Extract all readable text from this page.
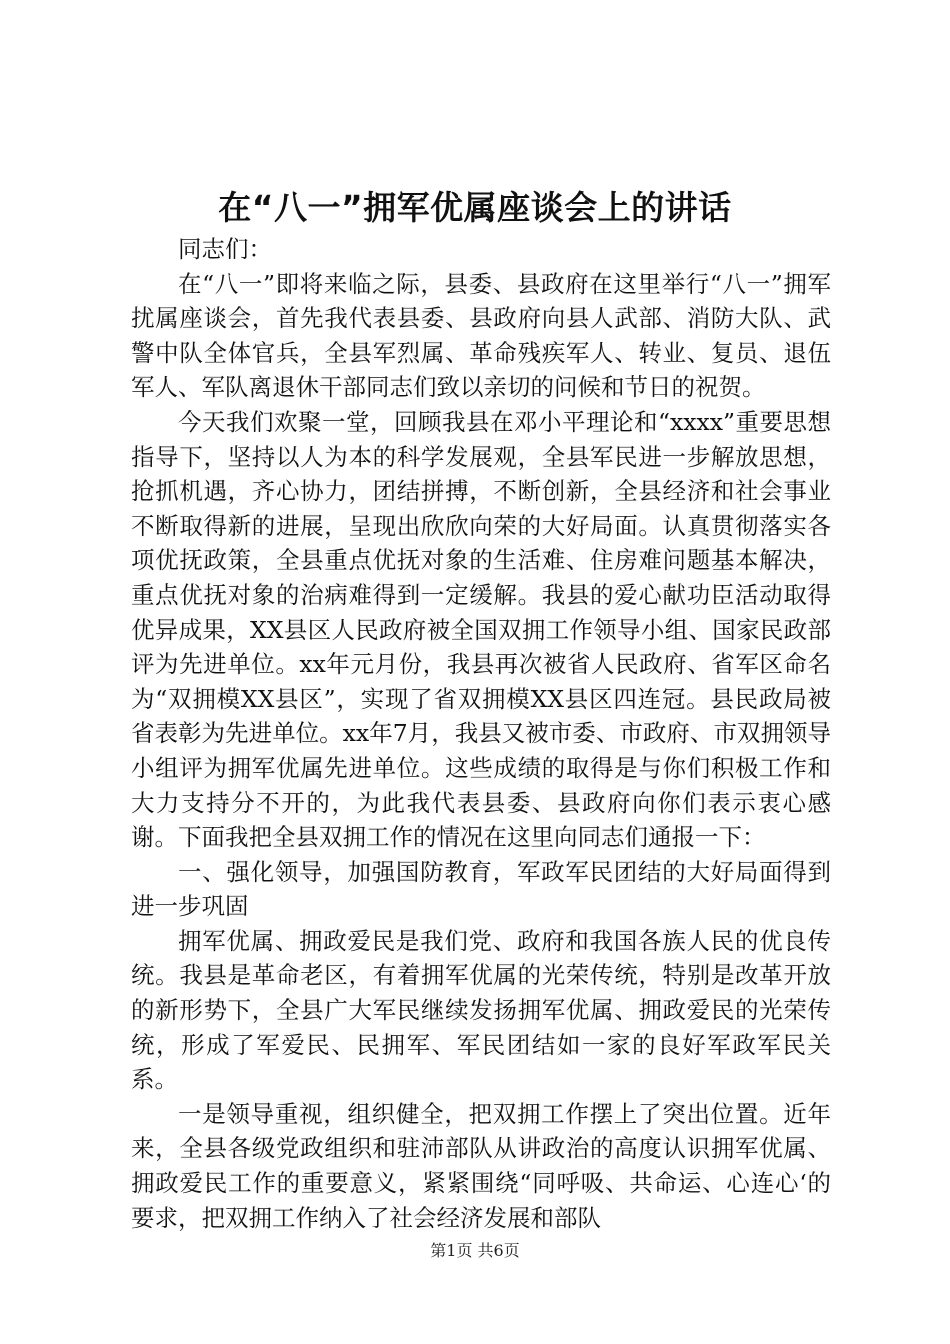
在“八一”拥军优属座谈会上的讲话

同志们：

在“八一”即将来临之际，县委、县政府在这里举行“八一”拥军扰属座谈会，首先我代表县委、县政府向县人武部、消防大队、武警中队全体官兵，全县军烈属、革命残疾军人、转业、复员、退伍军人、军队离退休干部同志们致以亲切的问候和节日的祝贺。

今天我们欢聚一堂，回顾我县在邓小平理论和“xxxx”重要思想指导下，坚持以人为本的科学发展观，全县军民进一步解放思想，抢抓机遇，齐心协力，团结拼搏，不断创新，全县经济和社会事业不断取得新的进展，呈现出欣欣向荣的大好局面。认真贯彻落实各项优抚政策，全县重点优抚对象的生活难、住房难问题基本解决，重点优抚对象的治病难得到一定缓解。我县的爱心献功臣活动取得优异成果，XX县区人民政府被全国双拥工作领导小组、国家民政部评为先进单位。xx年元月份，我县再次被省人民政府、省军区命名为“双拥模XX县区”，实现了省双拥模XX县区四连冠。县民政局被省表彰为先进单位。xx年7月，我县又被市委、市政府、市双拥领导小组评为拥军优属先进单位。这些成绩的取得是与你们积极工作和大力支持分不开的，为此我代表县委、县政府向你们表示衷心感谢。下面我把全县双拥工作的情况在这里向同志们通报一下：

一、强化领导，加强国防教育，军政军民团结的大好局面得到进一步巩固

拥军优属、拥政爱民是我们党、政府和我国各族人民的优良传统。我县是革命老区，有着拥军优属的光荣传统，特别是改革开放的新形势下，全县广大军民继续发扬拥军优属、拥政爱民的光荣传统，形成了军爱民、民拥军、军民团结如一家的良好军政军民关系。

一是领导重视，组织健全，把双拥工作摆上了突出位置。近年来，全县各级党政组织和驻沛部队从讲政治的高度认识拥军优属、拥政爱民工作的重要意义，紧紧围绕“同呼吸、共命运、心连心‘的要求，把双拥工作纳入了社会经济发展和部队

第1页 共6页
